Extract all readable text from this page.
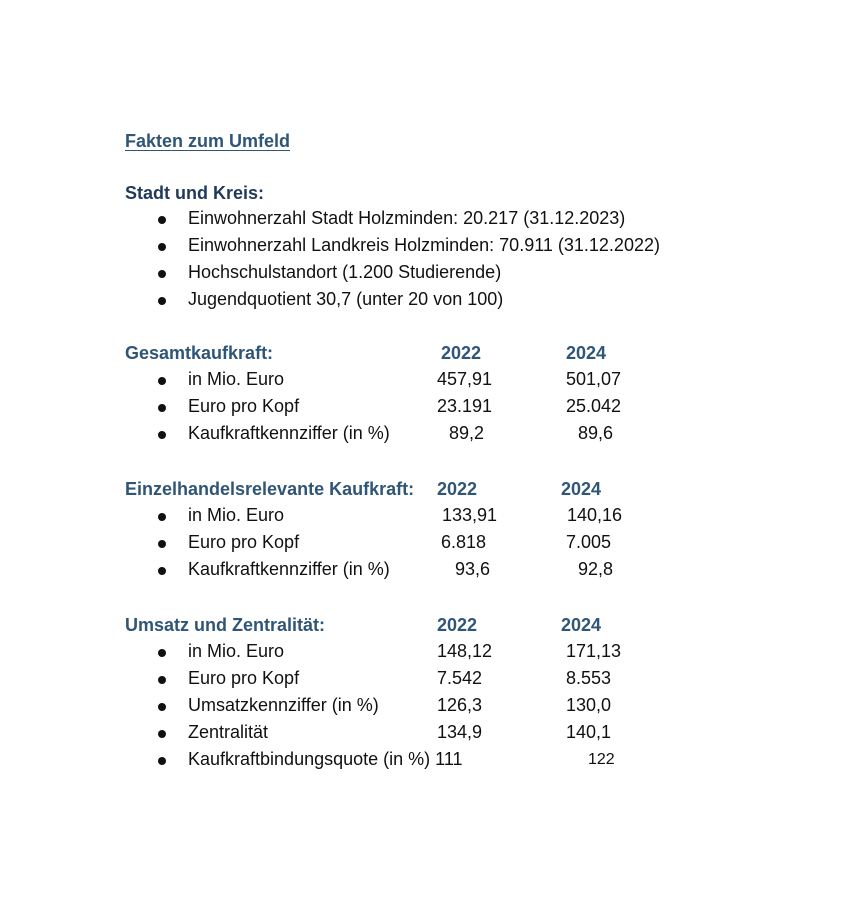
Fakten zum Umfeld
Stadt und Kreis:
Einwohnerzahl Stadt Holzminden: 20.217 (31.12.2023)
Einwohnerzahl Landkreis Holzminden: 70.911 (31.12.2022)
Hochschulstandort (1.200 Studierende)
Jugendquotient 30,7 (unter 20 von 100)
Gesamtkaufkraft:	2022	2024
in Mio. Euro	457,91	501,07
Euro pro Kopf	23.191	25.042
Kaufkraftkennziffer (in %)	89,2	89,6
Einzelhandelsrelevante Kaufkraft: 2022	2024
in Mio. Euro	133,91	140,16
Euro pro Kopf	6.818	7.005
Kaufkraftkennziffer (in %)	93,6	92,8
Umsatz und Zentralität:	2022	2024
in Mio. Euro	148,12	171,13
Euro pro Kopf	7.542	8.553
Umsatzkennziffer (in %)	126,3	130,0
Zentralität	134,9	140,1
Kaufkraftbindungsquote (in %) 111	122
